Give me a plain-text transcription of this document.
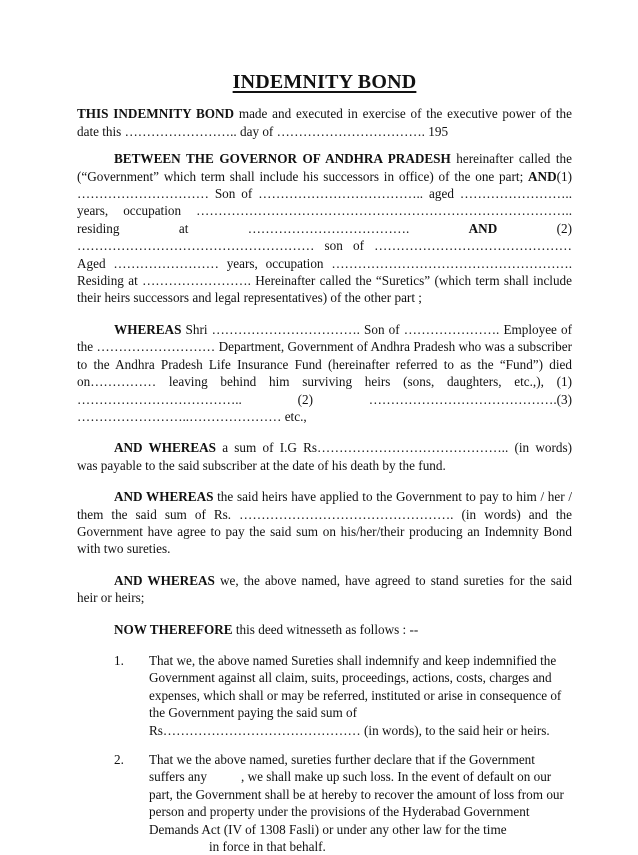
INDEMNITY BOND

THIS INDEMNITY BOND made and executed in exercise of the executive power of the date this …………………….. day of ……………………………. 195

BETWEEN THE GOVERNOR OF ANDHRA PRADESH hereinafter called the (“Government” which term shall include his successors in office) of the one part; AND(1) ………………………… Son of ……………………………….. aged …………………….. years, occupation ………………………………………………………………………….. residing at ………………………………. AND (2) ……………………………………………… son of ……………………………………… Aged …………………… years, occupation ………………………………………………. Residing at ……………………. Hereinafter called the “Suretics” (which term shall include their heirs successors and legal representatives) of the other part ;

WHEREAS Shri ……………………………. Son of …………………. Employee of the ……………………… Department, Government of Andhra Pradesh who was a subscriber to the Andhra Pradesh Life Insurance Fund (hereinafter referred to as the “Fund”) died on…………… leaving behind him surviving heirs (sons, daughters, etc.,), (1) ……………………………….. (2) …………………………………….(3) ……………………..………………… etc.,

AND WHEREAS a sum of I.G Rs…………………………………….. (in words) was payable to the said subscriber at the date of his death by the fund.

AND WHEREAS the said heirs have applied to the Government to pay to him / her / them the said sum of Rs. …………………………………………. (in words) and the Government have agree to pay the said sum on his/her/their producing an Indemnity Bond with two sureties.

AND WHEREAS we, the above named, have agreed to stand sureties for the said heir or heirs;

NOW THEREFORE this deed witnesseth as follows : --

1.	That we, the above named Sureties shall indemnify and keep indemnified the Government against all claim, suits, proceedings, actions, costs, charges and expenses, which shall or may be referred, instituted or arise in consequence of the Government paying the said sum of Rs……………………………………… (in words), to the said heir or heirs.
2.	That we the above named, sureties further declare that if the Government suffers any	, we shall make up such loss. In the event of default on our part, the Government shall be at hereby to recover the amount of loss from our person and property under the provisions of the Hyderabad Government Demands Act (IV of 1308 Fasli) or under any other law for the timein force in that behalf.
